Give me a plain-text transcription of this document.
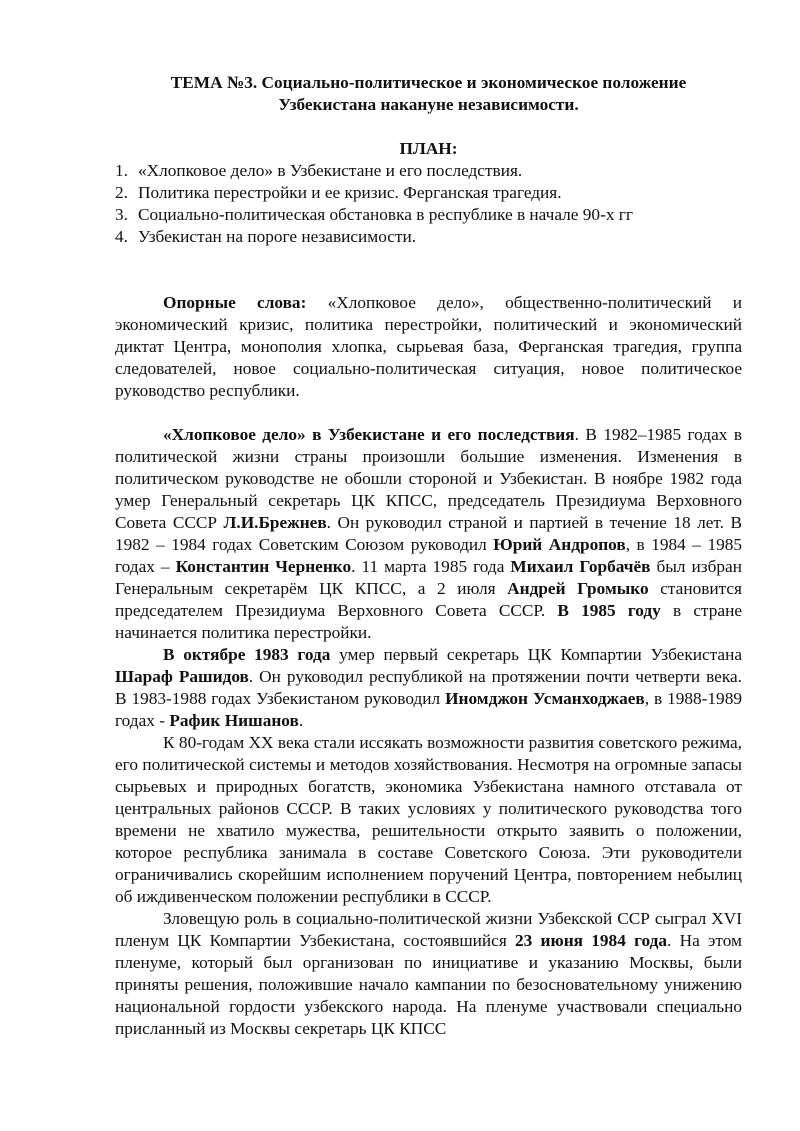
ТЕМА №3. Социально-политическое и экономическое положение
Узбекистана накануне независимости.
ПЛАН:
1. «Хлопковое дело» в Узбекистане и его последствия.
2. Политика перестройки и ее кризис. Ферганская трагедия.
3. Социально-политическая обстановка в республике в начале 90-х гг
4. Узбекистан на пороге независимости.

Опорные слова: «Хлопковое дело», общественно-политический и экономический кризис, политика перестройки, политический и экономический диктат Центра, монополия хлопка, сырьевая база, Ферганская трагедия, группа следователей, новое социально-политическая ситуация, новое политическое руководство республики.

«Хлопковое дело» в Узбекистане и его последствия. В 1982–1985 годах в политической жизни страны произошли большие изменения. Изменения в политическом руководстве не обошли стороной и Узбекистан. В ноябре 1982 года умер Генеральный секретарь ЦК КПСС, председатель Президиума Верховного Совета СССР Л.И.Брежнев. Он руководил страной и партией в течение 18 лет. В 1982 – 1984 годах Советским Союзом руководил Юрий Андропов, в 1984 – 1985 годах – Константин Черненко. 11 марта 1985 года Михаил Горбачёв был избран Генеральным секретарём ЦК КПСС, а 2 июля Андрей Громыко становится председателем Президиума Верховного Совета СССР. В 1985 году в стране начинается политика перестройки.

В октябре 1983 года умер первый секретарь ЦК Компартии Узбекистана Шараф Рашидов. Он руководил республикой на протяжении почти четверти века. В 1983-1988 годах Узбекистаном руководил Иномджон Усманходжаев, в 1988-1989 годах - Рафик Нишанов.

К 80-годам XX века стали иссякать возможности развития советского режима, его политической системы и методов хозяйствования. Несмотря на огромные запасы сырьевых и природных богатств, экономика Узбекистана намного отставала от центральных районов СССР. В таких условиях у политического руководства того времени не хватило мужества, решительности открыто заявить о положении, которое республика занимала в составе Советского Союза. Эти руководители ограничивались скорейшим исполнением поручений Центра, повторением небылиц об иждивенческом положении республики в СССР.

Зловещую роль в социально-политической жизни Узбекской ССР сыграл XVI пленум ЦК Компартии Узбекистана, состоявшийся 23 июня 1984 года. На этом пленуме, который был организован по инициативе и указанию Москвы, были приняты решения, положившие начало кампании по безосновательному унижению национальной гордости узбекского народа. На пленуме участвовали специально присланный из Москвы секретарь ЦК КПСС
